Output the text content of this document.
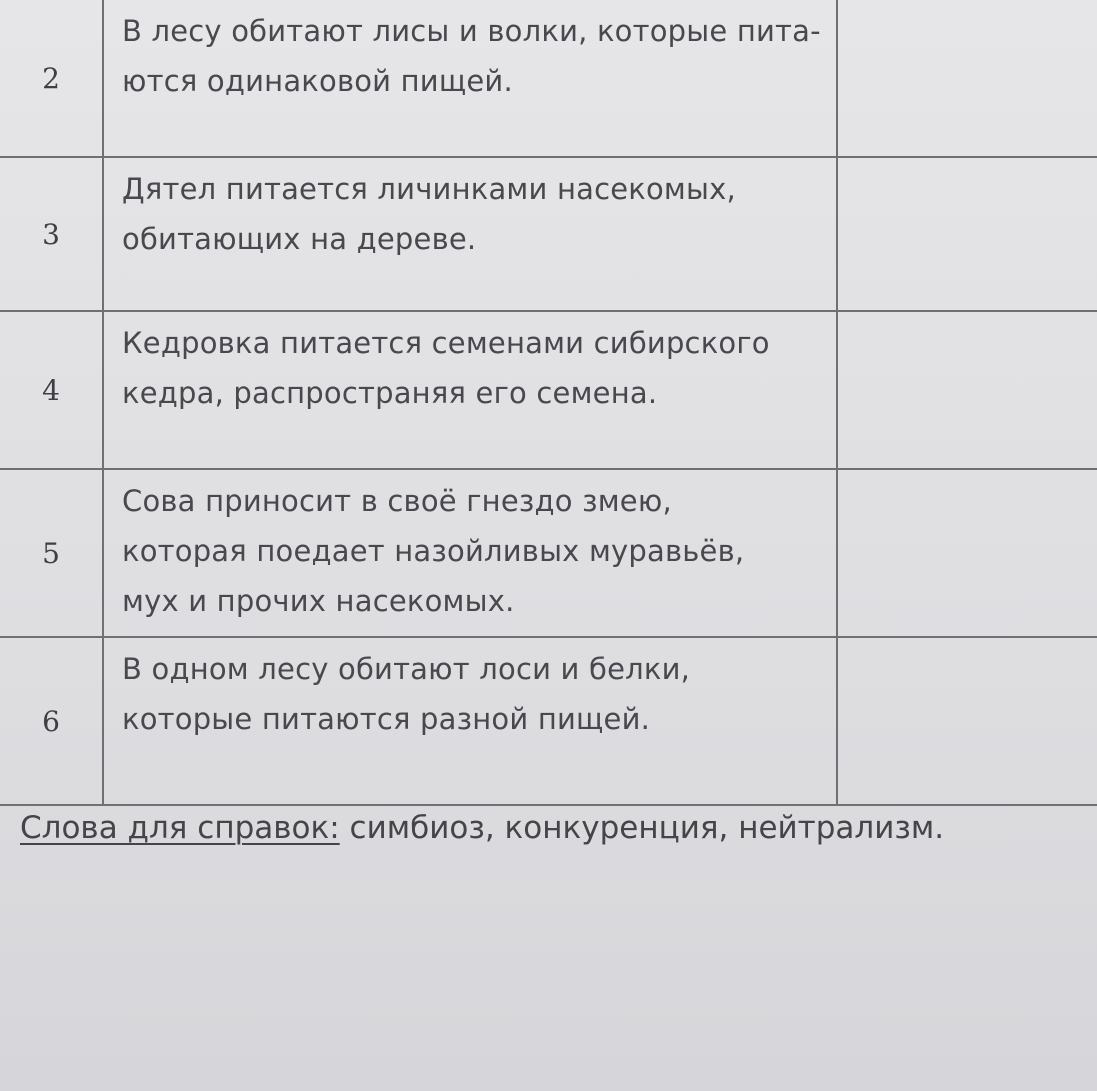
2	В лесу обитают лисы и волки, которые пита-
ются одинаковой пищей.	

3	Дятел питается личинками насекомых,
обитающих на дереве.	

4	Кедровка питается семенами сибирского
кедра, распространяя его семена.	

5	Сова приносит в своё гнездо змею,
которая поедает назойливых муравьёв,
мух и прочих насекомых.	

6	В одном лесу обитают лоси и белки,
которые питаются разной пищей.	

Слова для справок: симбиоз, конкуренция, нейтрализм.
